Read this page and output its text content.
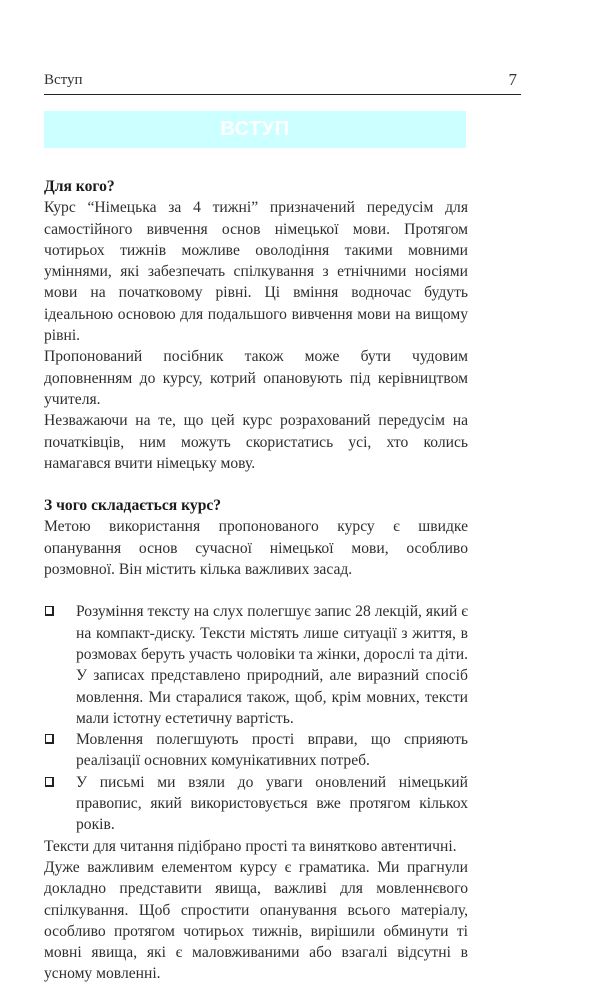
Вступ	7
ВСТУП
Для кого?

Курс “Німецька за 4 тижні” призначений передусім для самостійного вивчення основ німецької мови. Протягом чотирьох тижнів можливе оволодіння такими мовними уміннями, які забезпечать спілкування з етнічними носіями мови на початковому рівні. Ці вміння водночас будуть ідеальною основою для подальшого вивчення мови на вищому рівні.

Пропонований посібник також може бути чудовим доповненням до курсу, котрий опановують під керівництвом учителя.

Незважаючи на те, що цей курс розрахований передусім на початківців, ним можуть скористатись усі, хто колись намагався вчити німецьку мову.

З чого складається курс?

Метою використання пропонованого курсу є швидке опанування основ сучасної німецької мови, особливо розмовної. Він містить кілька важливих засад.

Розуміння тексту на слух полегшує запис 28 лекцій, який є на компакт-диску. Тексти містять лише ситуації з життя, в розмовах беруть участь чоловіки та жінки, дорослі та діти. У записах представлено природний, але виразний спосіб мовлення. Ми старалися також, щоб, крім мовних, тексти мали істотну естетичну вартість.
Мовлення полегшують прості вправи, що сприяють реалізації основних комунікативних потреб.
У письмі ми взяли до уваги оновлений німецький правопис, який використовується вже протягом кількох років.

Тексти для читання підібрано прості та винятково автентичні.

Дуже важливим елементом курсу є граматика. Ми прагнули докладно представити явища, важливі для мовленнєвого спілкування. Щоб спростити опанування всього матеріалу, особливо протягом чотирьох тижнів, вирішили обминути ті мовні явища, які є маловживаними або взагалі відсутні в усному мовленні.
